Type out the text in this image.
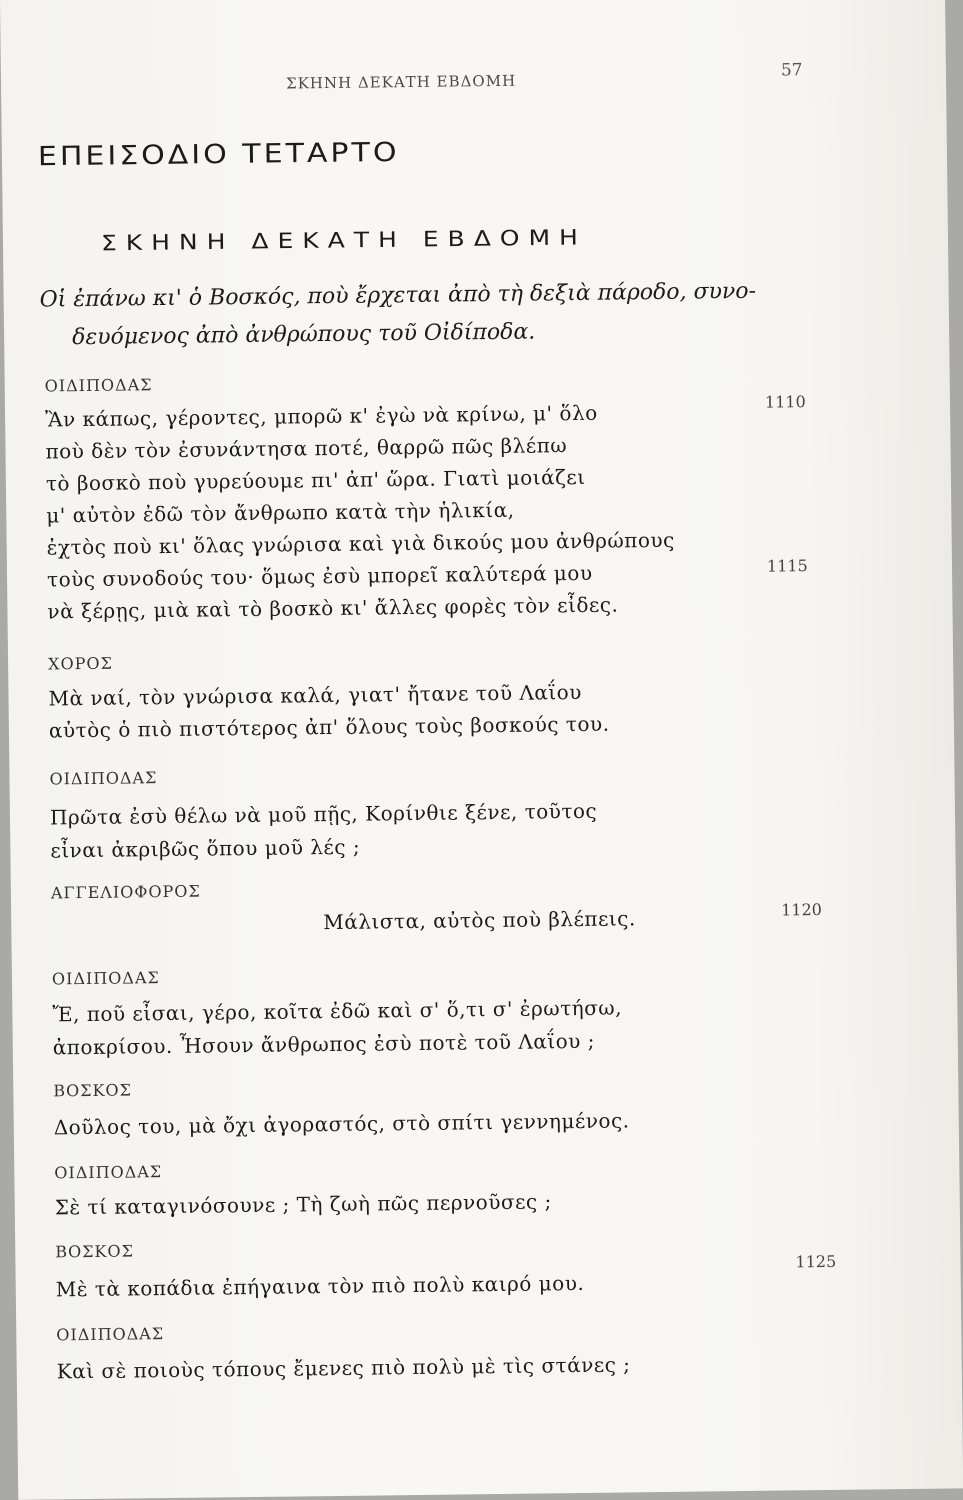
ΣΚΗΝΗ ΔΕΚΑΤΗ ΕΒΔΟΜΗ
57
ΕΠΕΙΣΟΔΙΟ ΤΕΤΑΡΤΟ
ΣΚΗΝΗ ΔΕΚΑΤΗ ΕΒΔΟΜΗ
Οἱ ἐπάνω κι' ὁ Βοσκός, ποὺ ἔρχεται ἀπὸ τὴ δεξιὰ πάροδο, συνο-
δευόμενος ἀπὸ ἀνθρώπους τοῦ Οἰδίποδα.
ΟΙΔΙΠΟΔΑΣ
Ἂν κάπως, γέροντες, μπορῶ κ' ἐγὼ νὰ κρίνω, μ' ὅλο	1110
ποὺ δὲν τὸν ἐσυνάντησα ποτέ, θαρρῶ πῶς βλέπω
τὸ βοσκὸ ποὺ γυρεύουμε πι' ἀπ' ὥρα. Γιατὶ μοιάζει
μ' αὐτὸν ἐδῶ τὸν ἄνθρωπο κατὰ τὴν ἡλικία,
ἐχτὸς ποὺ κι' ὅλας γνώρισα καὶ γιὰ δικούς μου ἀνθρώπους
τοὺς συνοδούς του· ὅμως ἐσὺ μπορεῖ καλύτερά μου	1115
νὰ ξέρῃς, μιὰ καὶ τὸ βοσκὸ κι' ἄλλες φορὲς τὸν εἶδες.
ΧΟΡΟΣ
Μὰ ναί, τὸν γνώρισα καλά, γιατ' ἤτανε τοῦ Λαΐου
αὐτὸς ὁ πιὸ πιστότερος ἀπ' ὅλους τοὺς βοσκούς του.
ΟΙΔΙΠΟΔΑΣ
Πρῶτα ἐσὺ θέλω νὰ μοῦ πῇς, Κορίνθιε ξένε, τοῦτος
εἶναι ἀκριβῶς ὅπου μοῦ λές ;
ΑΓΓΕΛΙΟΦΟΡΟΣ
Μάλιστα, αὐτὸς ποὺ βλέπεις.	1120
ΟΙΔΙΠΟΔΑΣ
Ἔ, ποῦ εἶσαι, γέρο, κοῖτα ἐδῶ καὶ σ' ὅ,τι σ' ἐρωτήσω,
ἀποκρίσου. Ἦσουν ἄνθρωπος ἐσὺ ποτὲ τοῦ Λαΐου ;
ΒΟΣΚΟΣ
Δοῦλος του, μὰ ὄχι ἀγοραστός, στὸ σπίτι γεννημένος.
ΟΙΔΙΠΟΔΑΣ
Σὲ τί καταγινόσουνε ; Τὴ ζωὴ πῶς περνοῦσες ;
ΒΟΣΚΟΣ
Μὲ τὰ κοπάδια ἐπήγαινα τὸν πιὸ πολὺ καιρό μου.
1125
ΟΙΔΙΠΟΔΑΣ
Καὶ σὲ ποιοὺς τόπους ἔμενες πιὸ πολὺ μὲ τὶς στάνες ;
